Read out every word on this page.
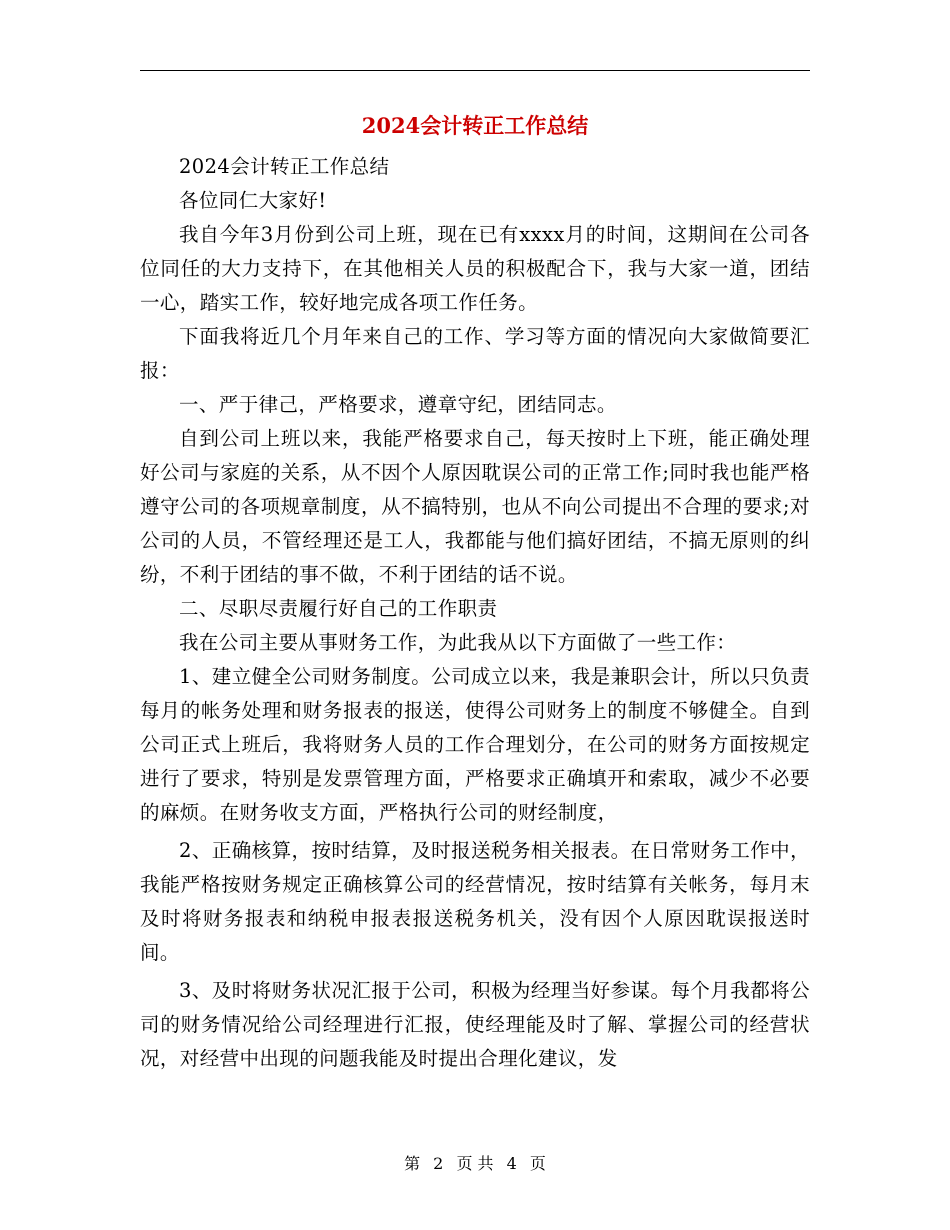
2024会计转正工作总结

2024会计转正工作总结

各位同仁大家好!

我自今年3月份到公司上班，现在已有xxxx月的时间，这期间在公司各位同任的大力支持下，在其他相关人员的积极配合下，我与大家一道，团结一心，踏实工作，较好地完成各项工作任务。

下面我将近几个月年来自己的工作、学习等方面的情况向大家做简要汇报：

一、严于律己，严格要求，遵章守纪，团结同志。

自到公司上班以来，我能严格要求自己，每天按时上下班，能正确处理好公司与家庭的关系，从不因个人原因耽误公司的正常工作;同时我也能严格遵守公司的各项规章制度，从不搞特别，也从不向公司提出不合理的要求;对公司的人员，不管经理还是工人，我都能与他们搞好团结，不搞无原则的纠纷，不利于团结的事不做，不利于团结的话不说。

二、尽职尽责履行好自己的工作职责

我在公司主要从事财务工作，为此我从以下方面做了一些工作：

1、建立健全公司财务制度。公司成立以来，我是兼职会计，所以只负责每月的帐务处理和财务报表的报送，使得公司财务上的制度不够健全。自到公司正式上班后，我将财务人员的工作合理划分，在公司的财务方面按规定进行了要求，特别是发票管理方面，严格要求正确填开和索取，减少不必要的麻烦。在财务收支方面，严格执行公司的财经制度，

2、正确核算，按时结算，及时报送税务相关报表。在日常财务工作中，我能严格按财务规定正确核算公司的经营情况，按时结算有关帐务，每月末及时将财务报表和纳税申报表报送税务机关，没有因个人原因耽误报送时间。

3、及时将财务状况汇报于公司，积极为经理当好参谋。每个月我都将公司的财务情况给公司经理进行汇报，使经理能及时了解、掌握公司的经营状况，对经营中出现的问题我能及时提出合理化建议，发

第 2 页 共 4 页
